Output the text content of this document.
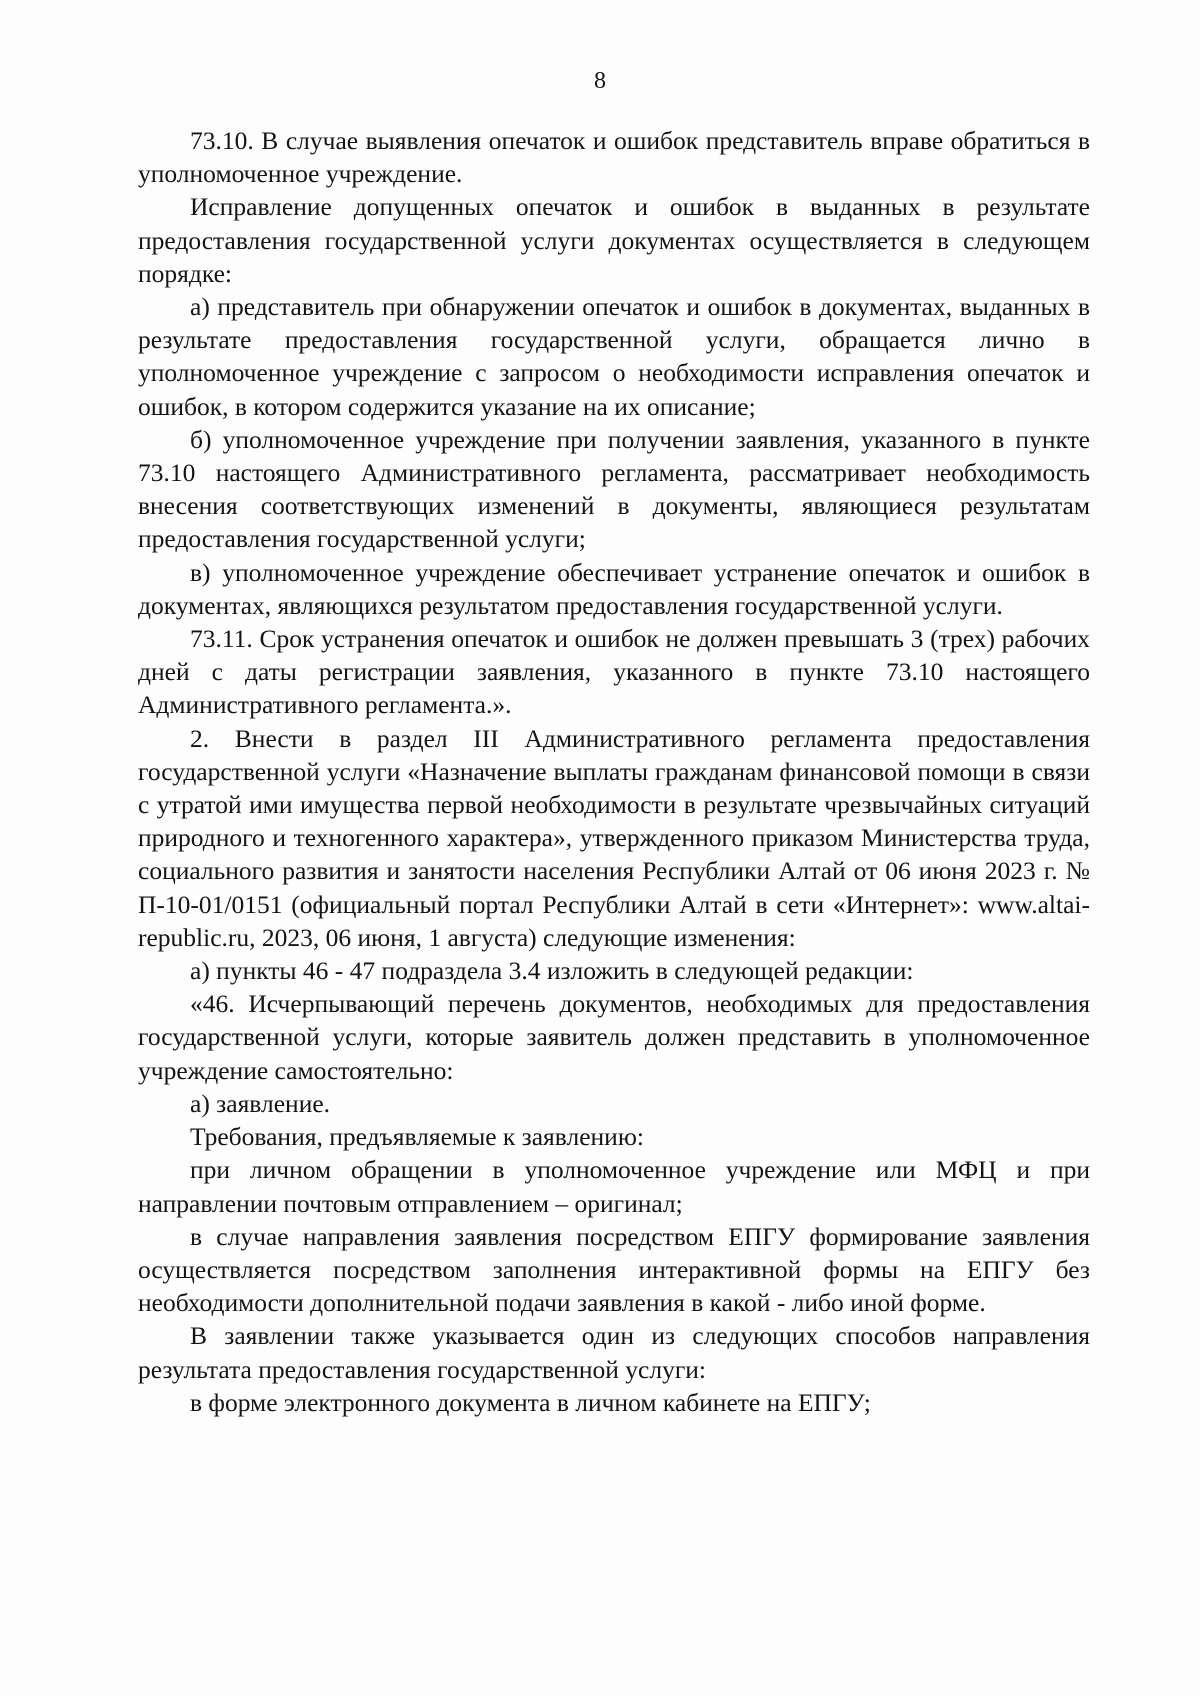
8

73.10. В случае выявления опечаток и ошибок представитель вправе обратиться в уполномоченное учреждение.

Исправление допущенных опечаток и ошибок в выданных в результате предоставления государственной услуги документах осуществляется в следующем порядке:

а) представитель при обнаружении опечаток и ошибок в документах, выданных в результате предоставления государственной услуги, обращается лично в уполномоченное учреждение с запросом о необходимости исправления опечаток и ошибок, в котором содержится указание на их описание;

б) уполномоченное учреждение при получении заявления, указанного в пункте 73.10 настоящего Административного регламента, рассматривает необходимость внесения соответствующих изменений в документы, являющиеся результатам предоставления государственной услуги;

в) уполномоченное учреждение обеспечивает устранение опечаток и ошибок в документах, являющихся результатом предоставления государственной услуги.

73.11. Срок устранения опечаток и ошибок не должен превышать 3 (трех) рабочих дней с даты регистрации заявления, указанного в пункте 73.10 настоящего Административного регламента.».

2. Внести в раздел III Административного регламента предоставления государственной услуги «Назначение выплаты гражданам финансовой помощи в связи с утратой ими имущества первой необходимости в результате чрезвычайных ситуаций природного и техногенного характера», утвержденного приказом Министерства труда, социального развития и занятости населения Республики Алтай от 06 июня 2023 г. № П-10-01/0151 (официальный портал Республики Алтай в сети «Интернет»: www.altai-republic.ru, 2023, 06 июня, 1 августа) следующие изменения:

а) пункты 46 - 47 подраздела 3.4 изложить в следующей редакции:

«46. Исчерпывающий перечень документов, необходимых для предоставления государственной услуги, которые заявитель должен представить в уполномоченное учреждение самостоятельно:

а) заявление.

Требования, предъявляемые к заявлению:

при личном обращении в уполномоченное учреждение или МФЦ и при направлении почтовым отправлением – оригинал;

в случае направления заявления посредством ЕПГУ формирование заявления осуществляется посредством заполнения интерактивной формы на ЕПГУ без необходимости дополнительной подачи заявления в какой - либо иной форме.

В заявлении также указывается один из следующих способов направления результата предоставления государственной услуги:

в форме электронного документа в личном кабинете на ЕПГУ;
